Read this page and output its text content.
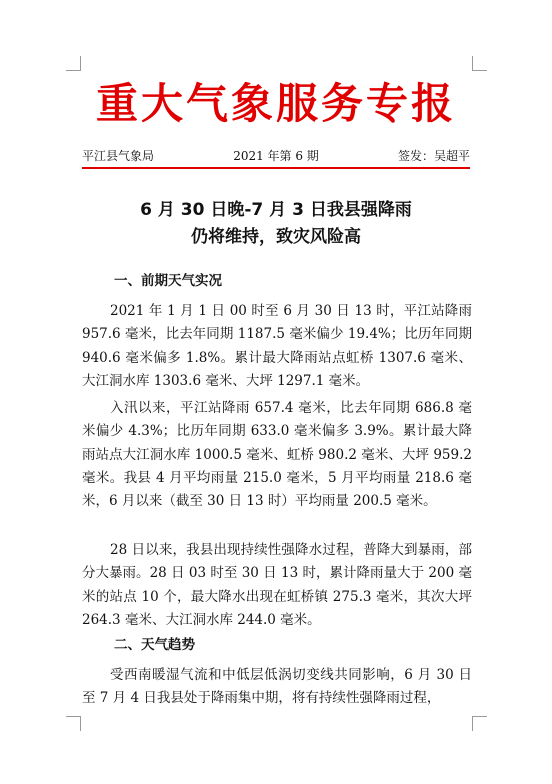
重大气象服务专报
2021 年第 6 期
平江县气象局	签发：吴超平
6 月 30 日晚-7 月 3 日我县强降雨
仍将维持，致灾风险高
一、前期天气实况
2021 年 1 月 1 日 00 时至 6 月 30 日 13 时，平江站降雨 957.6 毫米，比去年同期 1187.5 毫米偏少 19.4%；比历年同期 940.6 毫米偏多 1.8%。累计最大降雨站点虹桥 1307.6 毫米、大江洞水库 1303.6 毫米、大坪 1297.1 毫米。
入汛以来，平江站降雨 657.4 毫米，比去年同期 686.8 毫米偏少 4.3%；比历年同期 633.0 毫米偏多 3.9%。累计最大降雨站点大江洞水库 1000.5 毫米、虹桥 980.2 毫米、大坪 959.2 毫米。我县 4 月平均雨量 215.0 毫米，5 月平均雨量 218.6 毫米，6 月以来（截至 30 日 13 时）平均雨量 200.5 毫米。
28 日以来，我县出现持续性强降水过程，普降大到暴雨，部分大暴雨。28 日 03 时至 30 日 13 时，累计降雨量大于 200 毫米的站点 10 个，最大降水出现在虹桥镇 275.3 毫米，其次大坪 264.3 毫米、大江洞水库 244.0 毫米。
二、天气趋势
受西南暖湿气流和中低层低涡切变线共同影响，6 月 30 日至 7 月 4 日我县处于降雨集中期，将有持续性强降雨过程，
